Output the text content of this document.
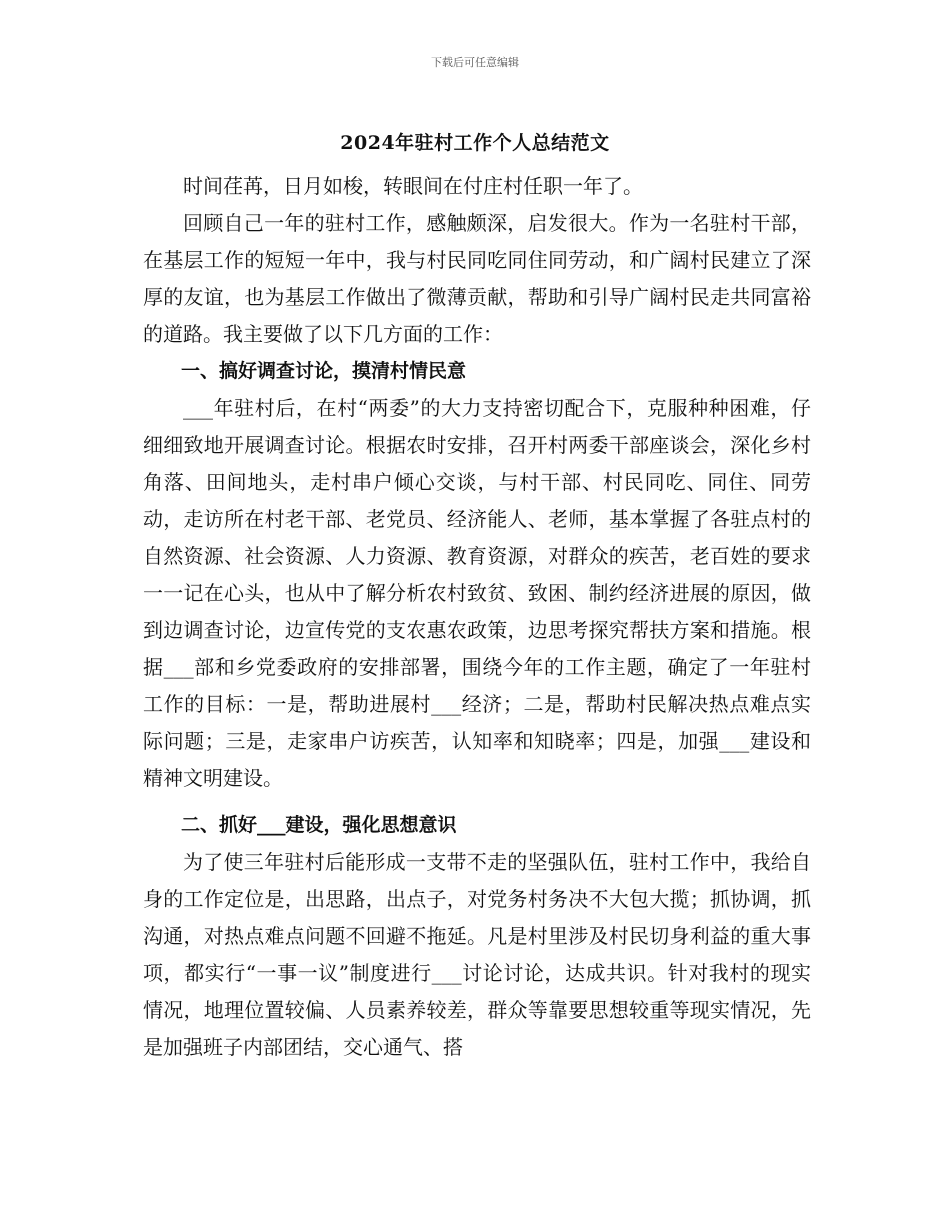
下载后可任意编辑
2024年驻村工作个人总结范文

时间荏苒，日月如梭，转眼间在付庄村任职一年了。

回顾自己一年的驻村工作，感触颇深，启发很大。作为一名驻村干部，在基层工作的短短一年中，我与村民同吃同住同劳动，和广阔村民建立了深厚的友谊，也为基层工作做出了微薄贡献，帮助和引导广阔村民走共同富裕的道路。我主要做了以下几方面的工作：

一、搞好调查讨论，摸清村情民意

___年驻村后，在村“两委”的大力支持密切配合下，克服种种困难，仔细细致地开展调查讨论。根据农时安排，召开村两委干部座谈会，深化乡村角落、田间地头，走村串户倾心交谈，与村干部、村民同吃、同住、同劳动，走访所在村老干部、老党员、经济能人、老师，基本掌握了各驻点村的自然资源、社会资源、人力资源、教育资源，对群众的疾苦，老百姓的要求一一记在心头，也从中了解分析农村致贫、致困、制约经济进展的原因，做到边调查讨论，边宣传党的支农惠农政策，边思考探究帮扶方案和措施。根据___部和乡党委政府的安排部署，围绕今年的工作主题，确定了一年驻村工作的目标：一是，帮助进展村___经济；二是，帮助村民解决热点难点实际问题；三是，走家串户访疾苦，认知率和知晓率；四是，加强___建设和精神文明建设。

二、抓好___建设，强化思想意识

为了使三年驻村后能形成一支带不走的坚强队伍，驻村工作中，我给自身的工作定位是，出思路，出点子，对党务村务决不大包大揽；抓协调，抓沟通，对热点难点问题不回避不拖延。凡是村里涉及村民切身利益的重大事项，都实行“一事一议”制度进行___讨论讨论，达成共识。针对我村的现实情况，地理位置较偏、人员素养较差，群众等靠要思想较重等现实情况，先是加强班子内部团结，交心通气、搭
